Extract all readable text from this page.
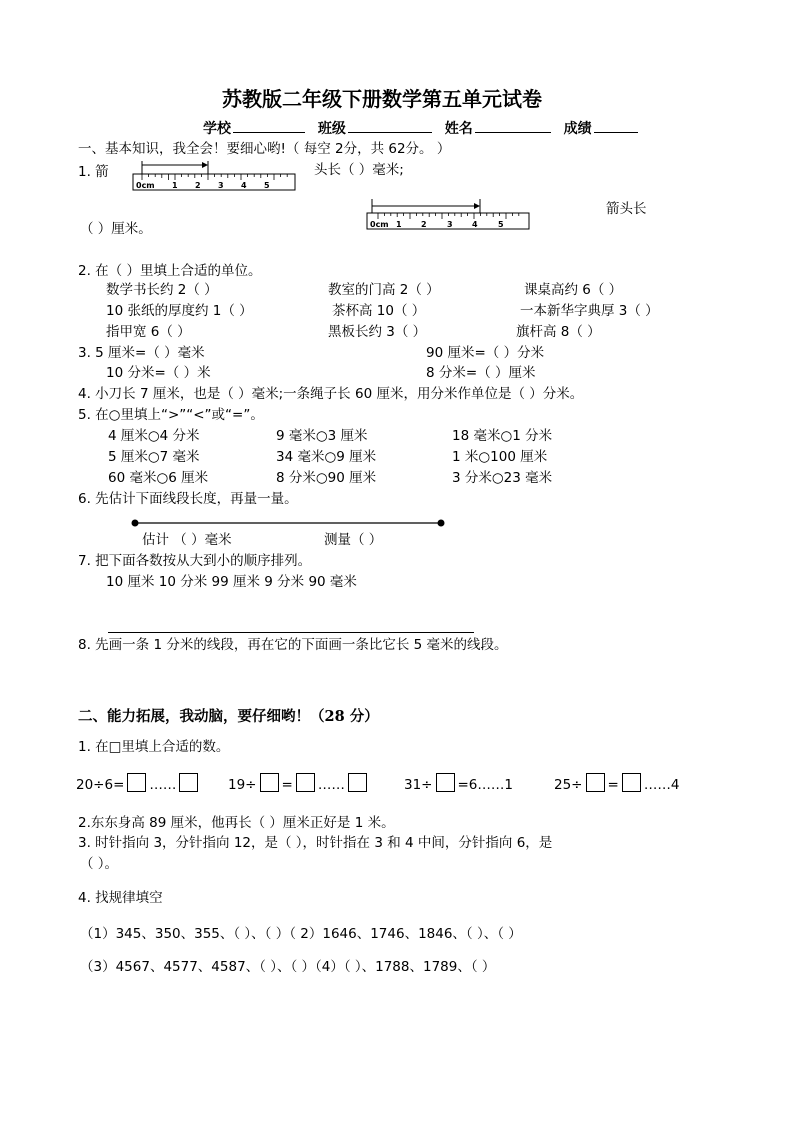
苏教版二年级下册数学第五单元试卷
学校	班级	姓名	成绩
一、基本知识，我全会！要细心哟!（ 每空 2分，共 62分。 ）
1. 箭
0cm 1 2 3 4 5
头长（ ）毫米;
0cm 1 2	3 4	5
箭头长
（ ）厘米。
2. 在（ ）里填上合适的单位。
数学书长约 2（ ）	教室的门高 2（ ）	课桌高约 6（ ）
10 张纸的厚度约 1（ ）	茶杯高 10（ ）	一本新华字典厚 3（ ）
指甲宽 6（ ）	黑板长约 3（ ）	旗杆高 8（ ）
3. 5 厘米=（ ）毫米	90 厘米=（ ）分米
10 分米=（ ）米	8 分米=（ ）厘米
4. 小刀长 7 厘米，也是（ ）毫米;一条绳子长 60 厘米，用分米作单位是（ ）分米。
5. 在○里填上“>”“<”或“=”。
4 厘米○4 分米	9 毫米○3 厘米	18 毫米○1 分米
5 厘米○7 毫米	34 毫米○9 厘米	1 米○100 厘米
60 毫米○6 厘米	8 分米○90 厘米	3 分米○23 毫米
6. 先估计下面线段长度，再量一量。
估计 （ ）毫米	测量（ ）
7. 把下面各数按从大到小的顺序排列。
10 厘米 10 分米 99 厘米 9 分米 90 毫米
8. 先画一条 1 分米的线段，再在它的下面画一条比它长 5 毫米的线段。
二、能力拓展，我动脑，要仔细哟！（28 分）
1. 在□里填上合适的数。
20÷6= ……	19÷ = ……	31÷ =6……1	25÷ = ……4
2.东东身高 89 厘米，他再长（ ）厘米正好是 1 米。
3. 时针指向 3，分针指向 12，是（ ），时针指在 3 和 4 中间，分针指向 6，是
（ ）。
4. 找规律填空
（1）345、350、355、（ ）、（ ）（ 2）1646、1746、1846、（ ）、（ ）
（3）4567、4577、4587、（ ）、（ ）（4）（ ）、1788、1789、（ ）
